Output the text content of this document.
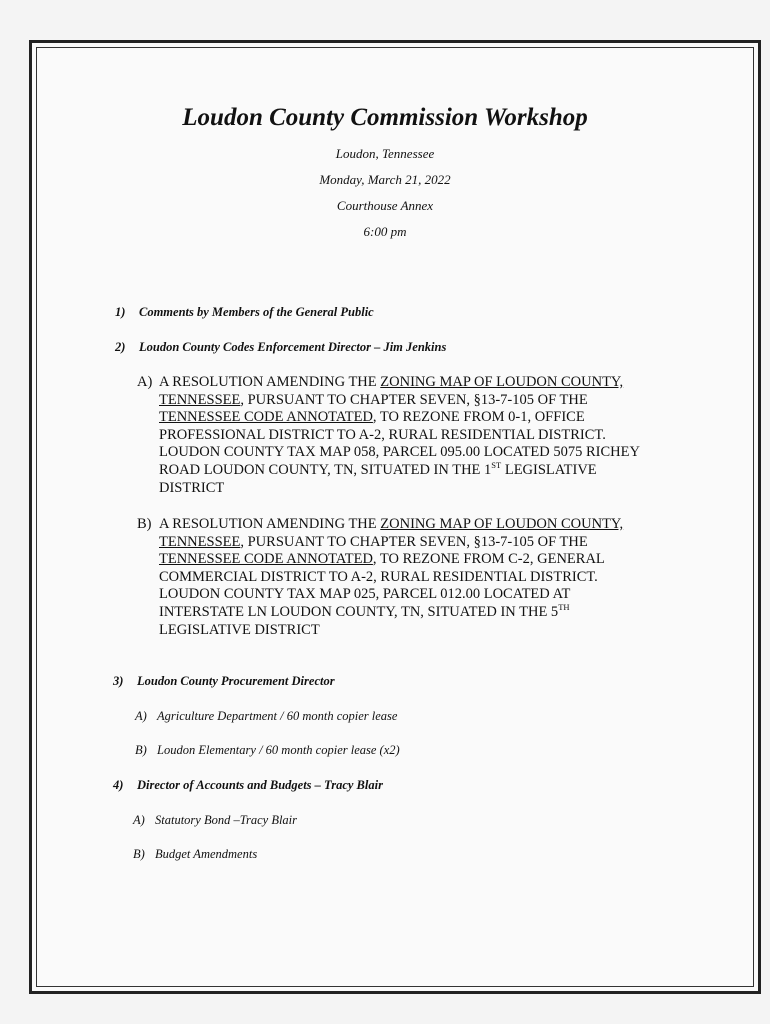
Loudon County Commission Workshop
Loudon, Tennessee
Monday, March 21, 2022
Courthouse Annex
6:00 pm
1) Comments by Members of the General Public
2) Loudon County Codes Enforcement Director – Jim Jenkins
A) A RESOLUTION AMENDING THE ZONING MAP OF LOUDON COUNTY, TENNESSEE, PURSUANT TO CHAPTER SEVEN, §13-7-105 OF THE TENNESSEE CODE ANNOTATED, TO REZONE FROM 0-1, OFFICE PROFESSIONAL DISTRICT TO A-2, RURAL RESIDENTIAL DISTRICT. LOUDON COUNTY TAX MAP 058, PARCEL 095.00 LOCATED 5075 RICHEY ROAD LOUDON COUNTY, TN, SITUATED IN THE 1ST LEGISLATIVE DISTRICT
B) A RESOLUTION AMENDING THE ZONING MAP OF LOUDON COUNTY, TENNESSEE, PURSUANT TO CHAPTER SEVEN, §13-7-105 OF THE TENNESSEE CODE ANNOTATED, TO REZONE FROM C-2, GENERAL COMMERCIAL DISTRICT TO A-2, RURAL RESIDENTIAL DISTRICT. LOUDON COUNTY TAX MAP 025, PARCEL 012.00 LOCATED AT INTERSTATE LN LOUDON COUNTY, TN, SITUATED IN THE 5TH LEGISLATIVE DISTRICT
3) Loudon County Procurement Director
A) Agriculture Department / 60 month copier lease
B) Loudon Elementary / 60 month copier lease (x2)
4) Director of Accounts and Budgets – Tracy Blair
A) Statutory Bond –Tracy Blair
B) Budget Amendments
